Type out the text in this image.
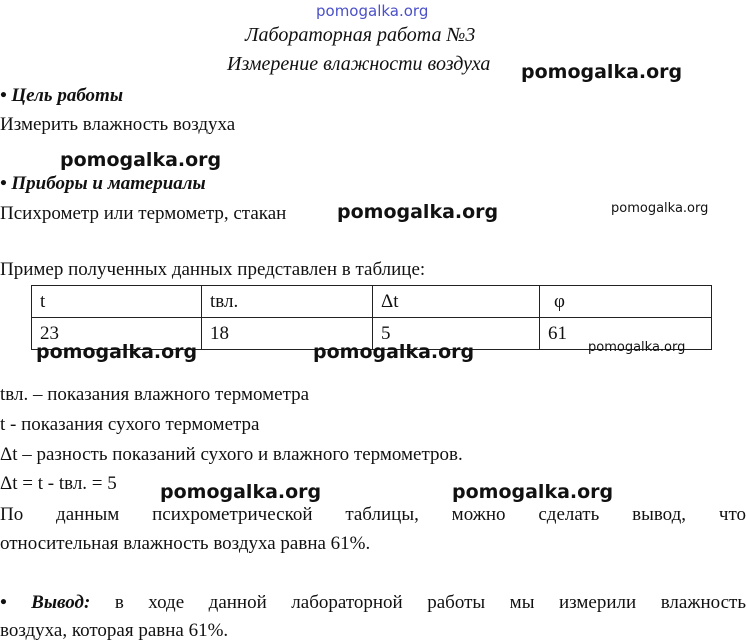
pomogalka.org
Лабораторная работа №3
Измерение влажности воздуха pomogalka.org
• Цель работы
Измерить влажность воздуха
pomogalka.org
• Приборы и материалы
Психрометр или термометр, стакан	pomogalka.org	pomogalka.org
Пример полученных данных представлен в таблице:
t	tвл.	Δt	φ
23	18	5	61
pomogalka.org	pomogalka.org	pomogalka.org
tвл. – показания влажного термометра
t - показания сухого термометра
Δt – разность показаний сухого и влажного термометров.
Δt = t - tвл. = 5 pomogalka.org	pomogalka.org
По данным психрометрической таблицы, можно сделать вывод, что
относительная влажность воздуха равна 61%.
• Вывод: в ходе данной лабораторной работы мы измерили влажность
воздуха, которая равна 61%.
